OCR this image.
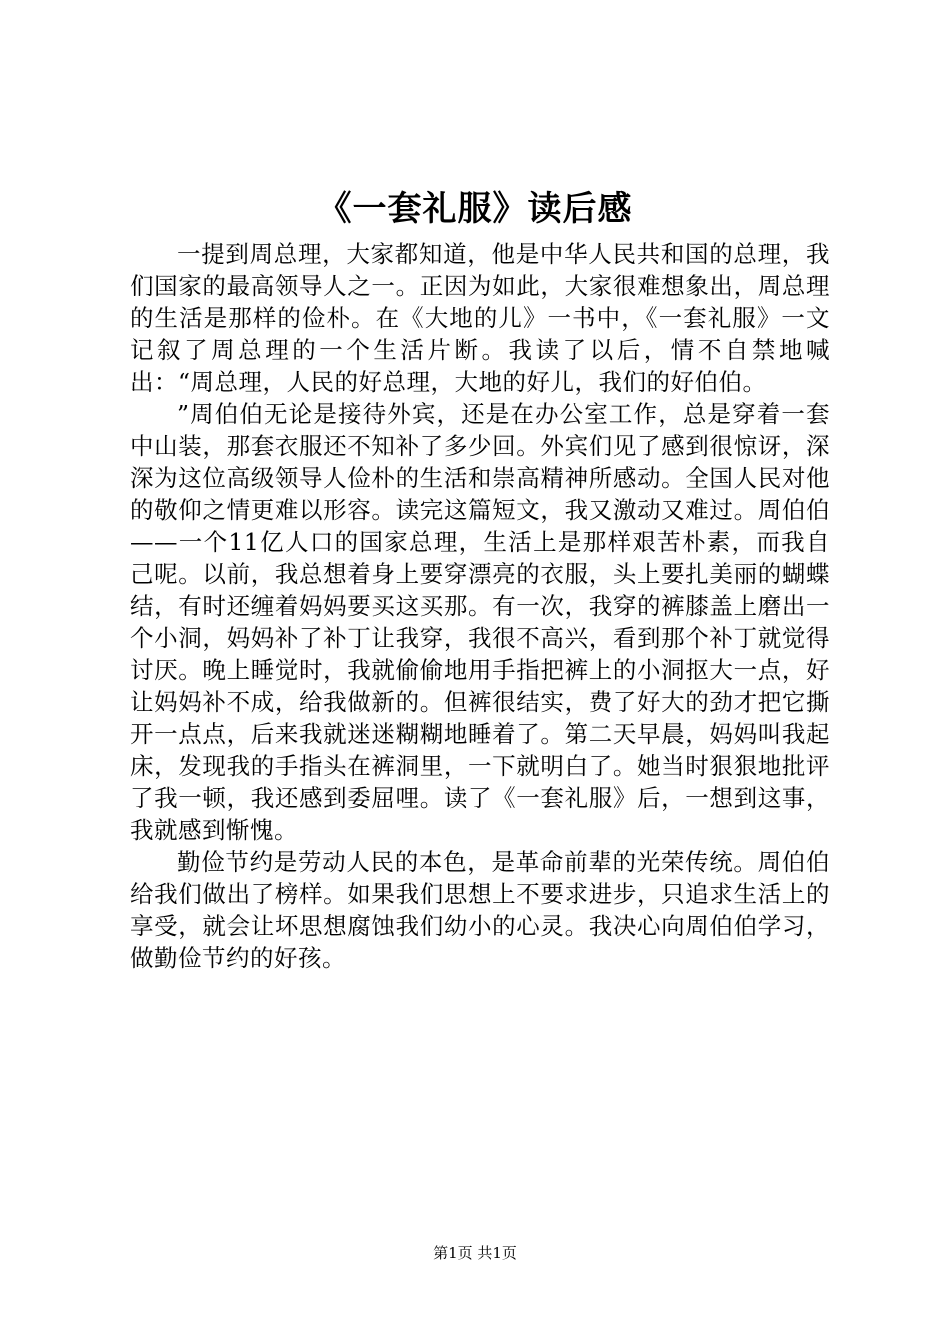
《一套礼服》读后感

一提到周总理，大家都知道，他是中华人民共和国的总理，我们国家的最高领导人之一。正因为如此，大家很难想象出，周总理的生活是那样的俭朴。在《大地的儿》一书中，《一套礼服》一文记叙了周总理的一个生活片断。我读了以后，情不自禁地喊出：“周总理，人民的好总理，大地的好儿，我们的好伯伯。

”周伯伯无论是接待外宾，还是在办公室工作，总是穿着一套中山装，那套衣服还不知补了多少回。外宾们见了感到很惊讶，深深为这位高级领导人俭朴的生活和崇高精神所感动。全国人民对他的敬仰之情更难以形容。读完这篇短文，我又激动又难过。周伯伯——一个11亿人口的国家总理，生活上是那样艰苦朴素，而我自己呢。以前，我总想着身上要穿漂亮的衣服，头上要扎美丽的蝴蝶结，有时还缠着妈妈要买这买那。有一次，我穿的裤膝盖上磨出一个小洞，妈妈补了补丁让我穿，我很不高兴，看到那个补丁就觉得讨厌。晚上睡觉时，我就偷偷地用手指把裤上的小洞抠大一点，好让妈妈补不成，给我做新的。但裤很结实，费了好大的劲才把它撕开一点点，后来我就迷迷糊糊地睡着了。第二天早晨，妈妈叫我起床，发现我的手指头在裤洞里，一下就明白了。她当时狠狠地批评了我一顿，我还感到委屈哩。读了《一套礼服》后，一想到这事，我就感到惭愧。

勤俭节约是劳动人民的本色，是革命前辈的光荣传统。周伯伯给我们做出了榜样。如果我们思想上不要求进步，只追求生活上的享受，就会让坏思想腐蚀我们幼小的心灵。我决心向周伯伯学习，做勤俭节约的好孩。

第1页 共1页
